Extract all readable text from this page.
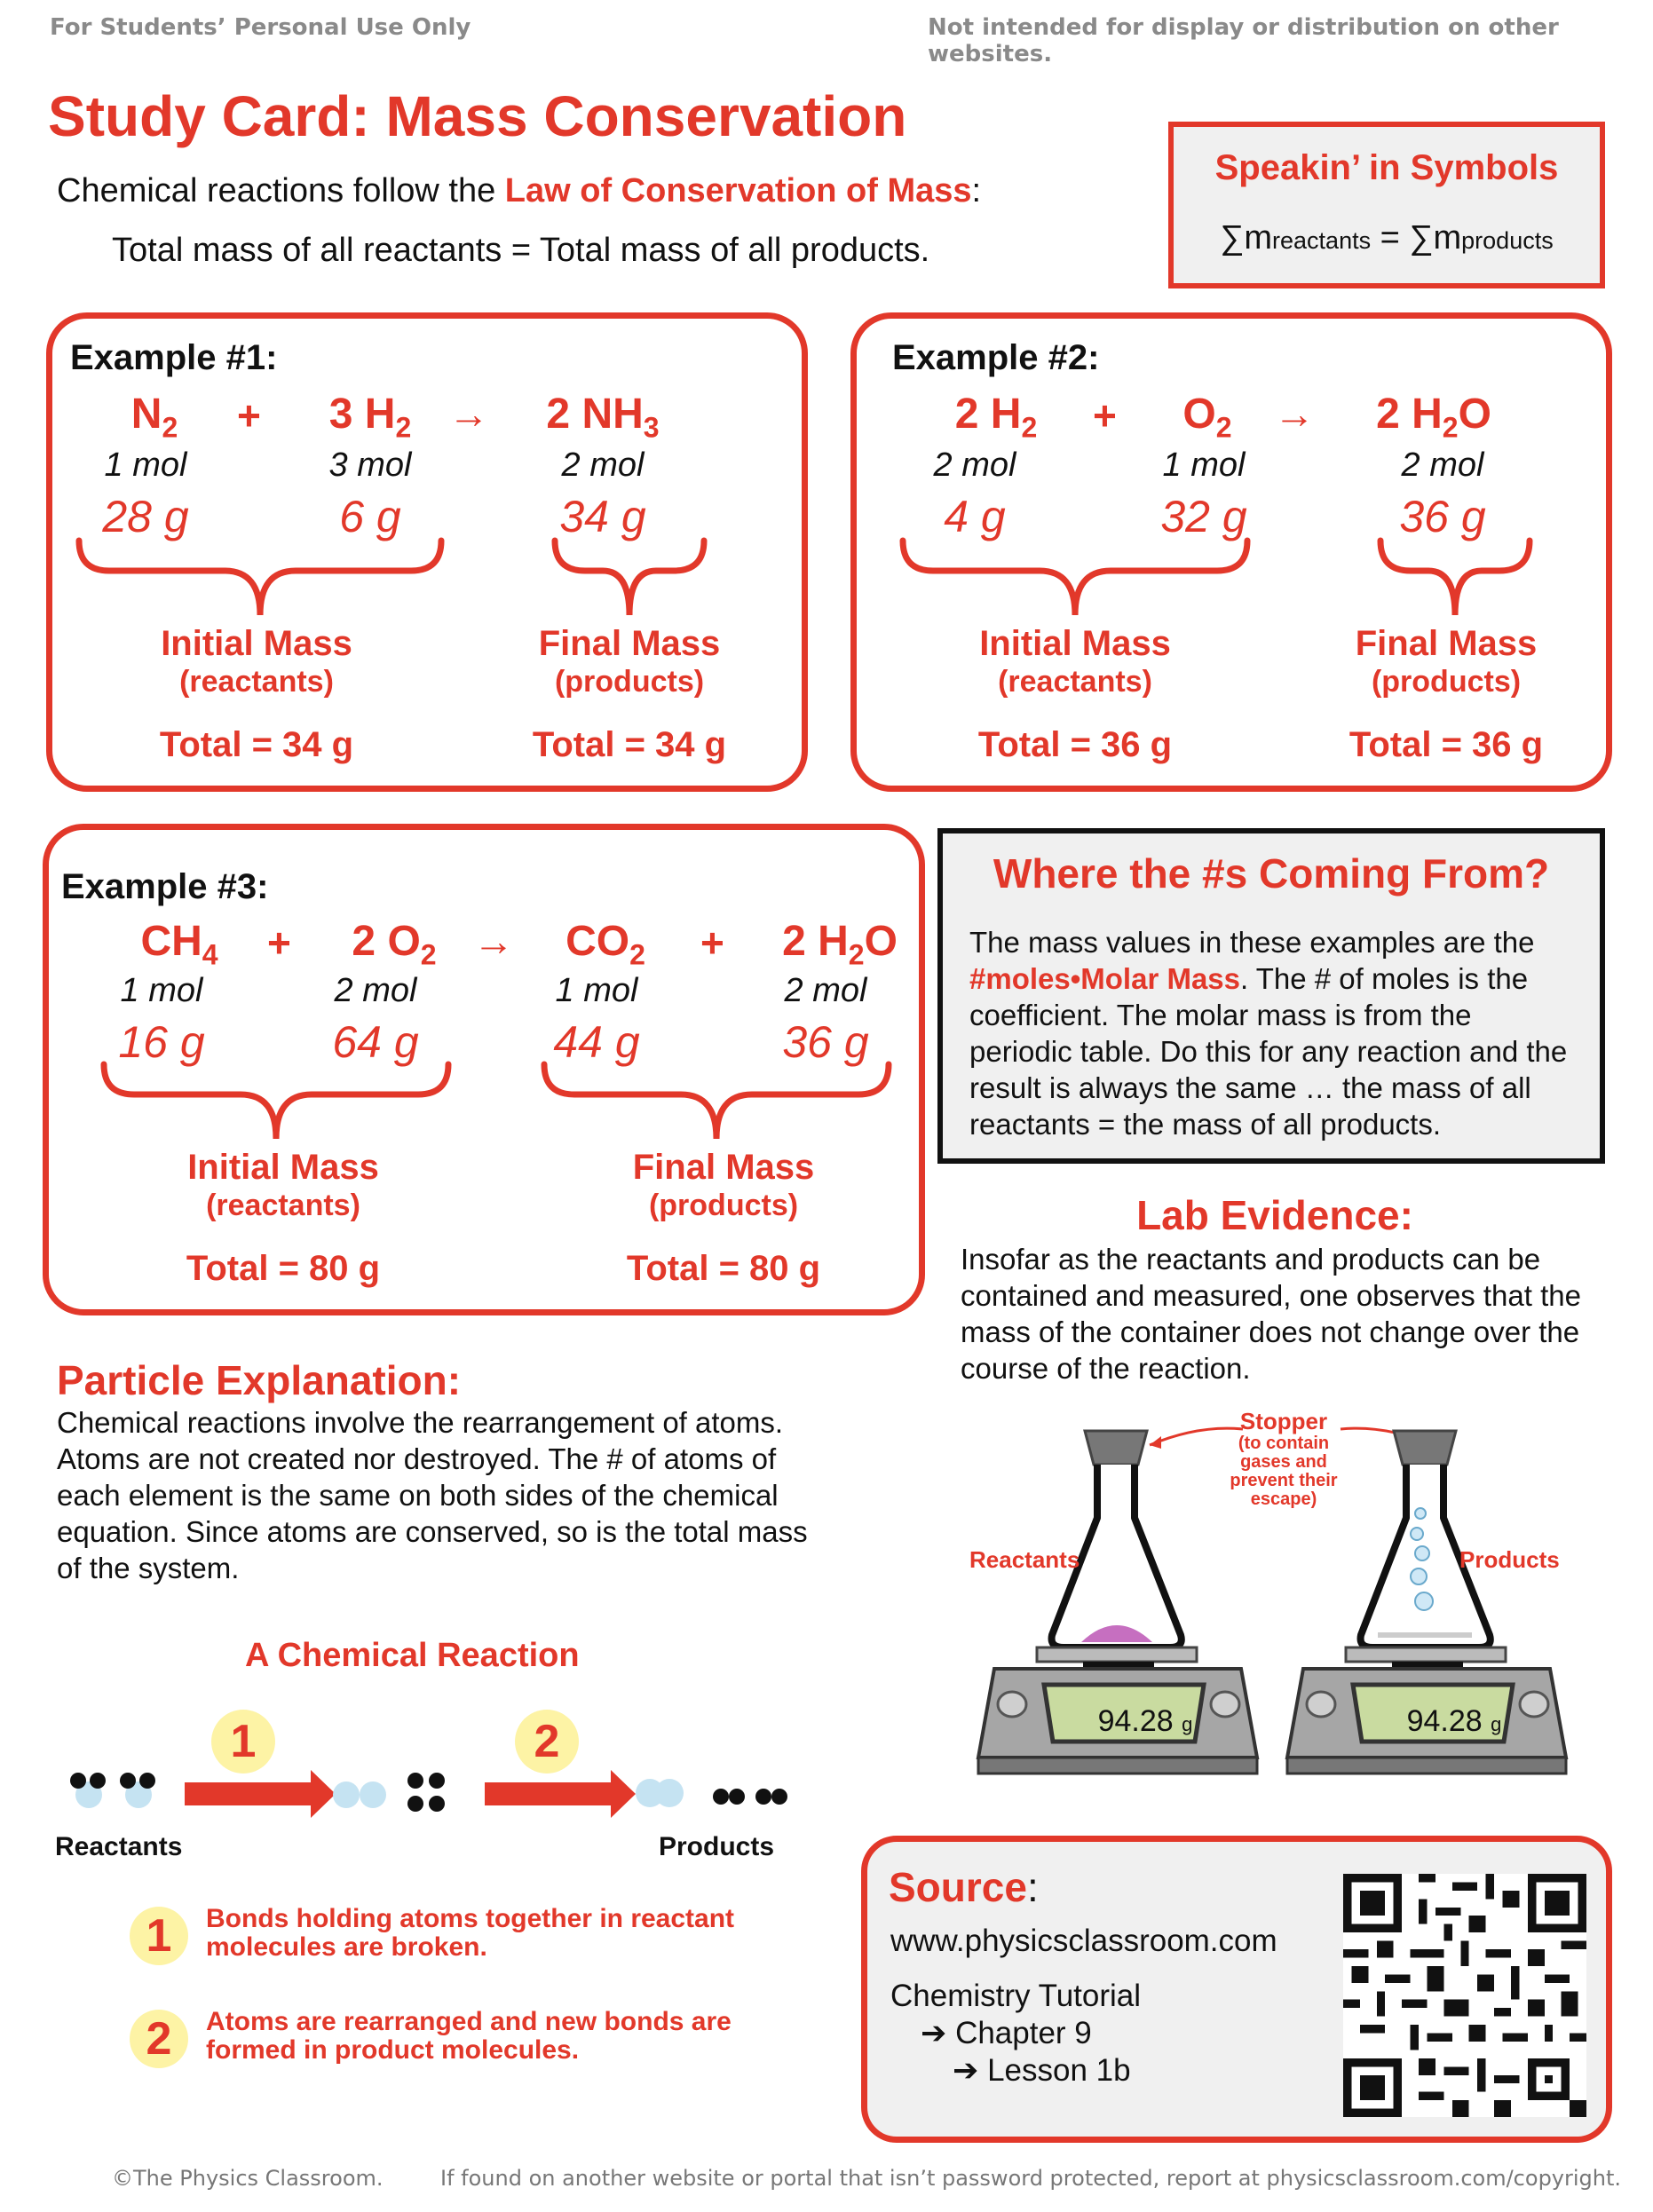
For Students’ Personal Use Only	Not intended for display or distribution on other websites.
Study Card: Mass Conservation
Chemical reactions follow the Law of Conservation of Mass:
Total mass of all reactants = Total mass of all products.
Speakin’ in Symbols
∑mreactants = ∑mproducts
Example #1:
$N_2$	+	3 $H_2$ →	2 $NH_3$
1 mol	3 mol	2 mol
28 g	6 g	34 g
Initial Mass
(reactants)
Final Mass
(products)
Total = 34 g	Total = 34 g
Example #2:
2 $H_2$	+	$O_2$	→	2 $H_2O$
2 mol	1 mol	2 mol
4 g	32 g	36 g
Initial Mass
(reactants)
Final Mass
(products)
Total = 36 g	Total = 36 g
Example #3:
$CH_4$	+	2 $O_2$ →	$CO_2$	+	2 $H_2O$
1 mol	2 mol	1 mol	2 mol
16 g	64 g	44 g	36 g
Initial Mass
(reactants)
Final Mass
(products)
Total = 80 g	Total = 80 g
Where the #s Coming From?
The mass values in these examples are the #moles•Molar Mass. The # of moles is the coefficient. The molar mass is from the periodic table. Do this for any reaction and the result is always the same … the mass of all reactants = the mass of all products.
Lab Evidence:
Insofar as the reactants and products can be contained and measured, one observes that the mass of the container does not change over the course of the reaction.
94.28 g	94.28 g
Stopper
(to contain gases and prevent their escape)
Reactants	Products
Particle Explanation:
Chemical reactions involve the rearrangement of atoms. Atoms are not created nor destroyed. The # of atoms of each element is the same on both sides of the chemical equation. Since atoms are conserved, so is the total mass of the system.
A Chemical Reaction
1	2
Reactants	Products
1	Bonds holding atoms together in reactant molecules are broken.
2	Atoms are rearranged and new bonds are formed in product molecules.
Source:
www.physicsclassroom.com
Chemistry Tutorial
➔ Chapter 9
➔ Lesson 1b
©The Physics Classroom.	If found on another website or portal that isn’t password protected, report at physicsclassroom.com/copyright.
